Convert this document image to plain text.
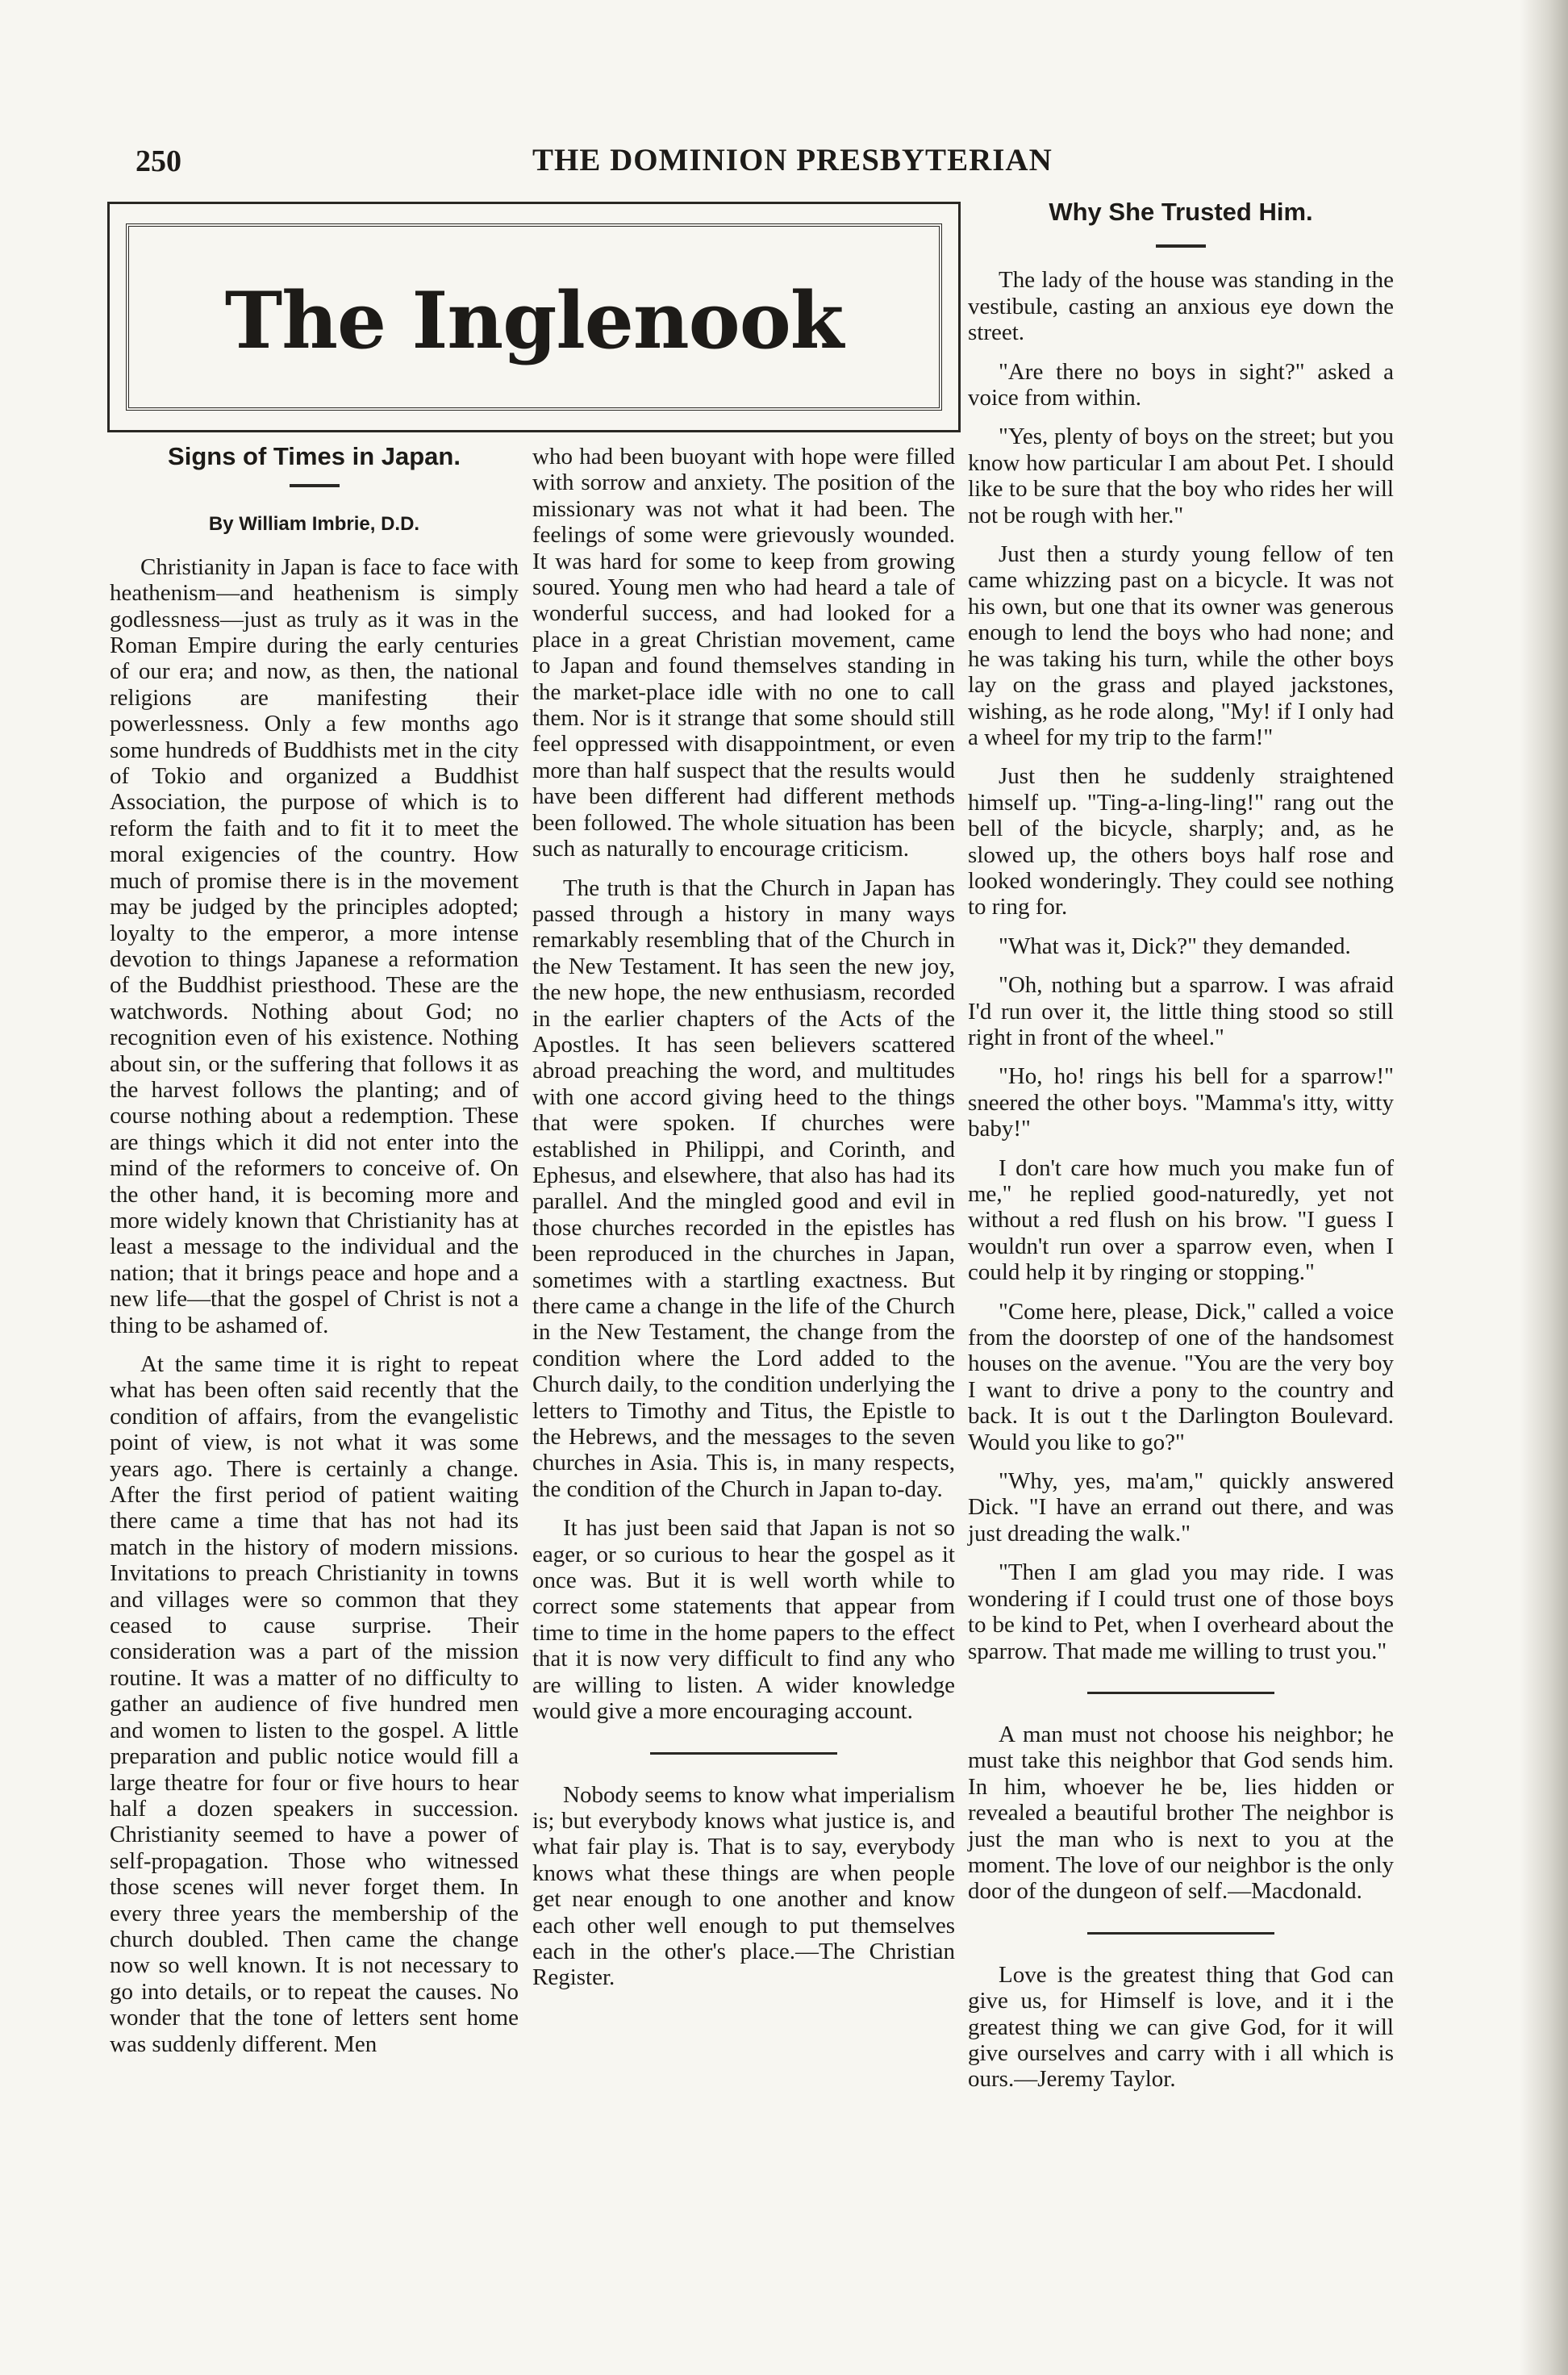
250	THE DOMINION PRESBYTERIAN
The Inglenook
Signs of Times in Japan.
By William Imbrie, D.D.

Christianity in Japan is face to face with heathenism—and heathenism is simply godlessness—just as truly as it was in the Roman Empire during the early centuries of our era; and now, as then, the national religions are manifesting their powerlessness. Only a few months ago some hundreds of Buddhists met in the city of Tokio and organized a Buddhist Association, the purpose of which is to reform the faith and to fit it to meet the moral exigencies of the country. How much of promise there is in the movement may be judged by the principles adopted; loyalty to the emperor, a more intense devotion to things Japanese a reformation of the Buddhist priesthood. These are the watchwords. Nothing about God; no recognition even of his existence. Nothing about sin, or the suffering that follows it as the harvest follows the planting; and of course nothing about a redemption. These are things which it did not enter into the mind of the reformers to conceive of. On the other hand, it is becoming more and more widely known that Christianity has at least a message to the individual and the nation; that it brings peace and hope and a new life—that the gospel of Christ is not a thing to be ashamed of.

At the same time it is right to repeat what has been often said recently that the condition of affairs, from the evangelistic point of view, is not what it was some years ago. There is certainly a change. After the first period of patient waiting there came a time that has not had its match in the history of modern missions. Invitations to preach Christianity in towns and villages were so common that they ceased to cause surprise. Their consideration was a part of the mission routine. It was a matter of no difficulty to gather an audience of five hundred men and women to listen to the gospel. A little preparation and public notice would fill a large theatre for four or five hours to hear half a dozen speakers in succession. Christianity seemed to have a power of self-propagation. Those who witnessed those scenes will never forget them. In every three years the membership of the church doubled. Then came the change now so well known. It is not necessary to go into details, or to repeat the causes. No wonder that the tone of letters sent home was suddenly different. Men

who had been buoyant with hope were filled with sorrow and anxiety. The position of the missionary was not what it had been. The feelings of some were grievously wounded. It was hard for some to keep from growing soured. Young men who had heard a tale of wonderful success, and had looked for a place in a great Christian movement, came to Japan and found themselves standing in the market-place idle with no one to call them. Nor is it strange that some should still feel oppressed with disappointment, or even more than half suspect that the results would have been different had different methods been followed. The whole situation has been such as naturally to encourage criticism.

The truth is that the Church in Japan has passed through a history in many ways remarkably resembling that of the Church in the New Testament. It has seen the new joy, the new hope, the new enthusiasm, recorded in the earlier chapters of the Acts of the Apostles. It has seen believers scattered abroad preaching the word, and multitudes with one accord giving heed to the things that were spoken. If churches were established in Philippi, and Corinth, and Ephesus, and elsewhere, that also has had its parallel. And the mingled good and evil in those churches recorded in the epistles has been reproduced in the churches in Japan, sometimes with a startling exactness. But there came a change in the life of the Church in the New Testament, the change from the condition where the Lord added to the Church daily, to the condition underlying the letters to Timothy and Titus, the Epistle to the Hebrews, and the messages to the seven churches in Asia. This is, in many respects, the condition of the Church in Japan to-day.

It has just been said that Japan is not so eager, or so curious to hear the gospel as it once was. But it is well worth while to correct some statements that appear from time to time in the home papers to the effect that it is now very difficult to find any who are willing to listen. A wider knowledge would give a more encouraging account.

Nobody seems to know what imperialism is; but everybody knows what justice is, and what fair play is. That is to say, everybody knows what these things are when people get near enough to one another and know each other well enough to put themselves each in the other's place.—The Christian Register.

Why She Trusted Him.

The lady of the house was standing in the vestibule, casting an anxious eye down the street.

"Are there no boys in sight?" asked a voice from within.

"Yes, plenty of boys on the street; but you know how particular I am about Pet. I should like to be sure that the boy who rides her will not be rough with her."

Just then a sturdy young fellow of ten came whizzing past on a bicycle. It was not his own, but one that its owner was generous enough to lend the boys who had none; and he was taking his turn, while the other boys lay on the grass and played jackstones, wishing, as he rode along, "My! if I only had a wheel for my trip to the farm!"

Just then he suddenly straightened himself up. "Ting-a-ling-ling!" rang out the bell of the bicycle, sharply; and, as he slowed up, the others boys half rose and looked wonderingly. They could see nothing to ring for.

"What was it, Dick?" they demanded.

"Oh, nothing but a sparrow. I was afraid I'd run over it, the little thing stood so still right in front of the wheel."

"Ho, ho! rings his bell for a sparrow!" sneered the other boys. "Mamma's itty, witty baby!"

I don't care how much you make fun of me," he replied good-naturedly, yet not without a red flush on his brow. "I guess I wouldn't run over a sparrow even, when I could help it by ringing or stopping."

"Come here, please, Dick," called a voice from the doorstep of one of the handsomest houses on the avenue. "You are the very boy I want to drive a pony to the country and back. It is out t the Darlington Boulevard. Would you like to go?"

"Why, yes, ma'am," quickly answered Dick. "I have an errand out there, and was just dreading the walk."

"Then I am glad you may ride. I was wondering if I could trust one of those boys to be kind to Pet, when I overheard about the sparrow. That made me willing to trust you."

A man must not choose his neighbor; he must take this neighbor that God sends him. In him, whoever he be, lies hidden or revealed a beautiful brother The neighbor is just the man who is next to you at the moment. The love of our neighbor is the only door of the dungeon of self.—Macdonald.

Love is the greatest thing that God can give us, for Himself is love, and it i the greatest thing we can give God, for it will give ourselves and carry with i all which is ours.—Jeremy Taylor.
